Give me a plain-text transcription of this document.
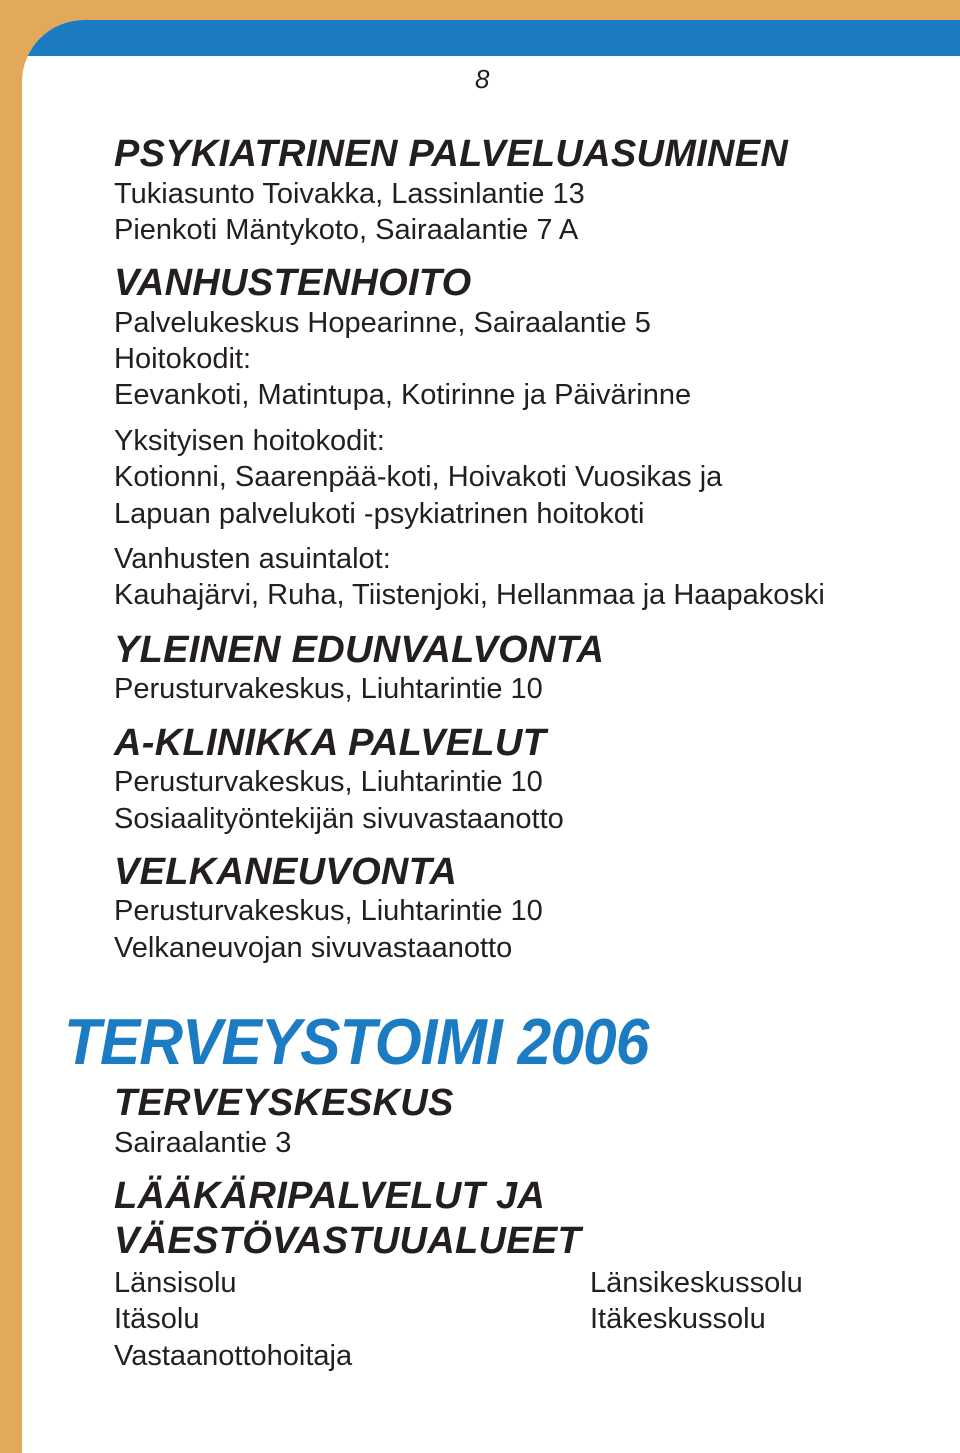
8

PSYKIATRINEN PALVELUASUMINEN

Tukiasunto Toivakka, Lassinlantie 13

Pienkoti Mäntykoto, Sairaalantie 7 A

VANHUSTENHOITO

Palvelukeskus Hopearinne, Sairaalantie 5

Hoitokodit:

Eevankoti, Matintupa, Kotirinne ja Päivärinne

Yksityisen hoitokodit:

Kotionni, Saarenpää-koti, Hoivakoti Vuosikas ja

Lapuan palvelukoti -psykiatrinen hoitokoti

Vanhusten asuintalot:

Kauhajärvi, Ruha, Tiistenjoki, Hellanmaa ja Haapakoski

YLEINEN EDUNVALVONTA

Perusturvakeskus, Liuhtarintie 10

A-KLINIKKA PALVELUT

Perusturvakeskus, Liuhtarintie 10

Sosiaalityöntekijän sivuvastaanotto

VELKANEUVONTA

Perusturvakeskus, Liuhtarintie 10

Velkaneuvojan sivuvastaanotto

TERVEYSTOIMI 2006
TERVEYSKESKUS

Sairaalantie 3

LÄÄKÄRIPALVELUT JA
VÄESTÖVASTUUALUEET

Länsisolu

Itäsolu

Vastaanottohoitaja

Länsikeskussolu

Itäkeskussolu
